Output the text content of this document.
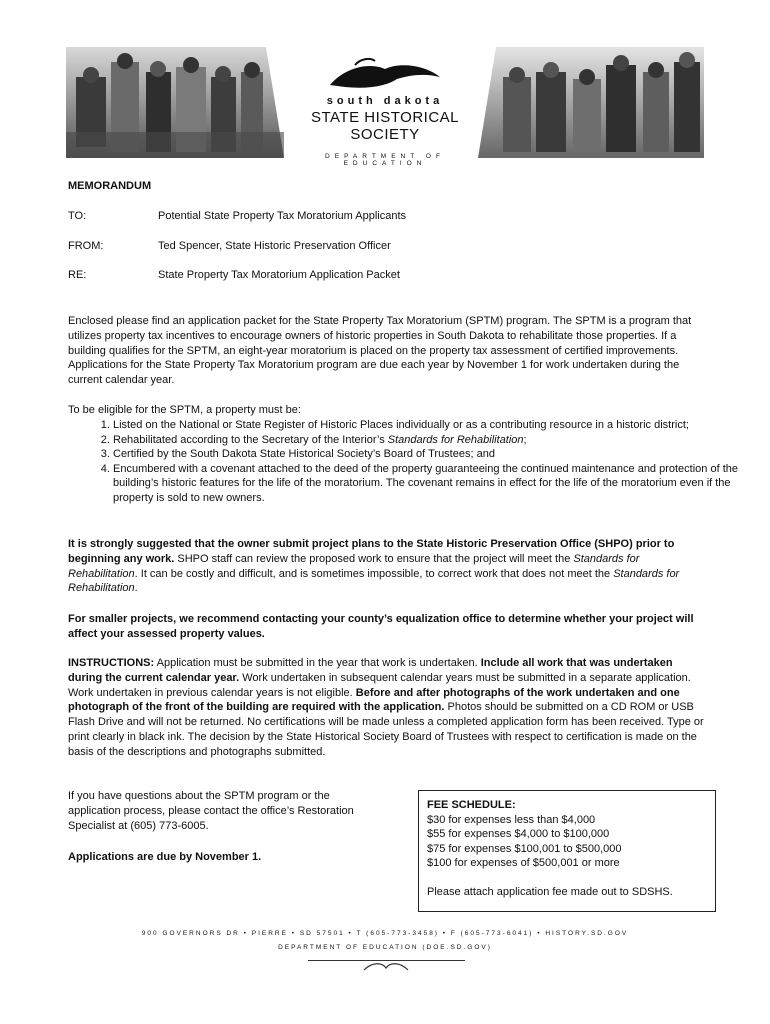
south dakota
STATE HISTORICAL SOCIETY
DEPARTMENT OF EDUCATION
MEMORANDUM
TO:	Potential State Property Tax Moratorium Applicants
FROM:	Ted Spencer, State Historic Preservation Officer
RE:	State Property Tax Moratorium Application Packet
Enclosed please find an application packet for the State Property Tax Moratorium (SPTM) program. The SPTM is a program that utilizes property tax incentives to encourage owners of historic properties in South Dakota to rehabilitate those properties. If a building qualifies for the SPTM, an eight-year moratorium is placed on the property tax assessment of certified improvements. Applications for the State Property Tax Moratorium program are due each year by November 1 for work undertaken during the current calendar year.
To be eligible for the SPTM, a property must be:
1. Listed on the National or State Register of Historic Places individually or as a contributing resource in a historic district;
2. Rehabilitated according to the Secretary of the Interior’s Standards for Rehabilitation;
3. Certified by the South Dakota State Historical Society’s Board of Trustees; and
4. Encumbered with a covenant attached to the deed of the property guaranteeing the continued maintenance and protection of the building’s historic features for the life of the moratorium. The covenant remains in effect for the life of the moratorium even if the property is sold to new owners.
It is strongly suggested that the owner submit project plans to the State Historic Preservation Office (SHPO) prior to beginning any work. SHPO staff can review the proposed work to ensure that the project will meet the Standards for Rehabilitation. It can be costly and difficult, and is sometimes impossible, to correct work that does not meet the Standards for Rehabilitation.
For smaller projects, we recommend contacting your county’s equalization office to determine whether your project will affect your assessed property values.
INSTRUCTIONS: Application must be submitted in the year that work is undertaken. Include all work that was undertaken during the current calendar year. Work undertaken in subsequent calendar years must be submitted in a separate application. Work undertaken in previous calendar years is not eligible. Before and after photographs of the work undertaken and one photograph of the front of the building are required with the application. Photos should be submitted on a CD ROM or USB Flash Drive and will not be returned. No certifications will be made unless a completed application form has been received. Type or print clearly in black ink. The decision by the State Historical Society Board of Trustees with respect to certification is made on the basis of the descriptions and photographs submitted.
If you have questions about the SPTM program or the application process, please contact the office’s Restoration Specialist at (605) 773-6005.
Applications are due by November 1.
FEE SCHEDULE:
$30 for expenses less than $4,000
$55 for expenses $4,000 to $100,000
$75 for expenses $100,001 to $500,000
$100 for expenses of $500,001 or more
Please attach application fee made out to SDSHS.
900 GOVERNORS DR • PIERRE • SD 57501 • T (605-773-3458) • F (605-773-6041) • HISTORY.SD.GOV
DEPARTMENT OF EDUCATION (DOE.SD.GOV)
